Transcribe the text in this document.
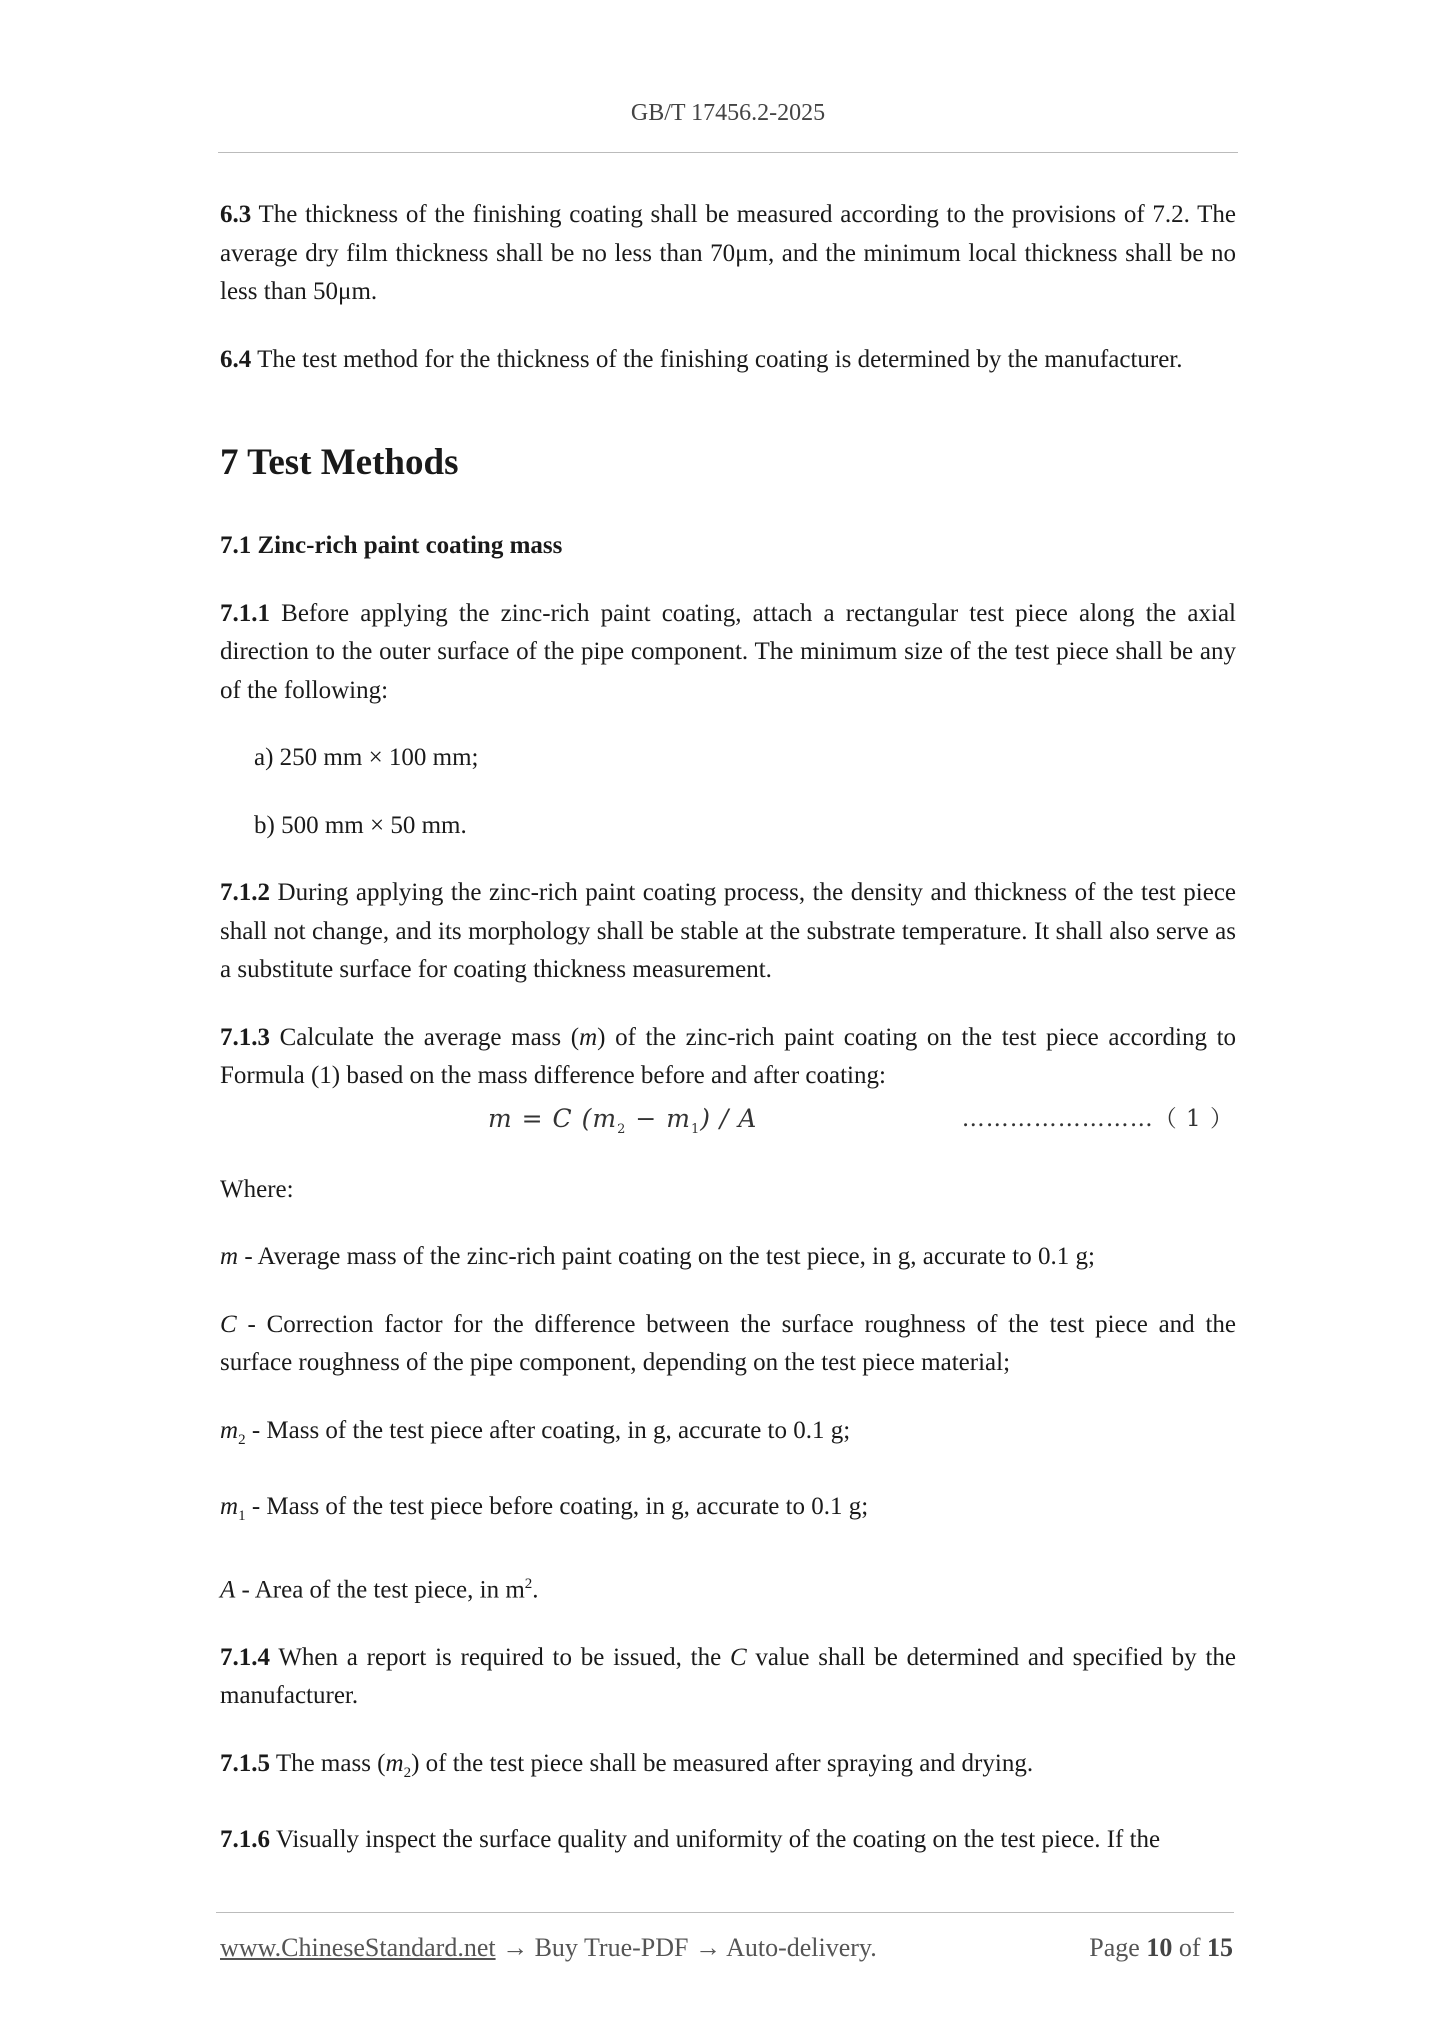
GB/T 17456.2-2025

6.3 The thickness of the finishing coating shall be measured according to the provisions of 7.2. The average dry film thickness shall be no less than 70μm, and the minimum local thickness shall be no less than 50μm.

6.4 The test method for the thickness of the finishing coating is determined by the manufacturer.

7 Test Methods
7.1 Zinc-rich paint coating mass

7.1.1 Before applying the zinc-rich paint coating, attach a rectangular test piece along the axial direction to the outer surface of the pipe component. The minimum size of the test piece shall be any of the following:

a) 250 mm × 100 mm;

b) 500 mm × 50 mm.

7.1.2 During applying the zinc-rich paint coating process, the density and thickness of the test piece shall not change, and its morphology shall be stable at the substrate temperature. It shall also serve as a substitute surface for coating thickness measurement.

7.1.3 Calculate the average mass (m) of the zinc-rich paint coating on the test piece according to Formula (1) based on the mass difference before and after coating:

m = C $(m_2 - m_1) / A$	……………………（ 1 ）

Where:

m - Average mass of the zinc-rich paint coating on the test piece, in g, accurate to 0.1 g;

C - Correction factor for the difference between the surface roughness of the test piece and the surface roughness of the pipe component, depending on the test piece material;

$m_2$ - Mass of the test piece after coating, in g, accurate to 0.1 g;

$m_1$ - Mass of the test piece before coating, in g, accurate to 0.1 g;

A - Area of the test piece, in $m^2$.

7.1.4 When a report is required to be issued, the C value shall be determined and specified by the manufacturer.

7.1.5 The mass $(m_2)$ of the test piece shall be measured after spraying and drying.

7.1.6 Visually inspect the surface quality and uniformity of the coating on the test piece. If the

www.ChineseStandard.net → Buy True-PDF → Auto-delivery.	Page 10 of 15
